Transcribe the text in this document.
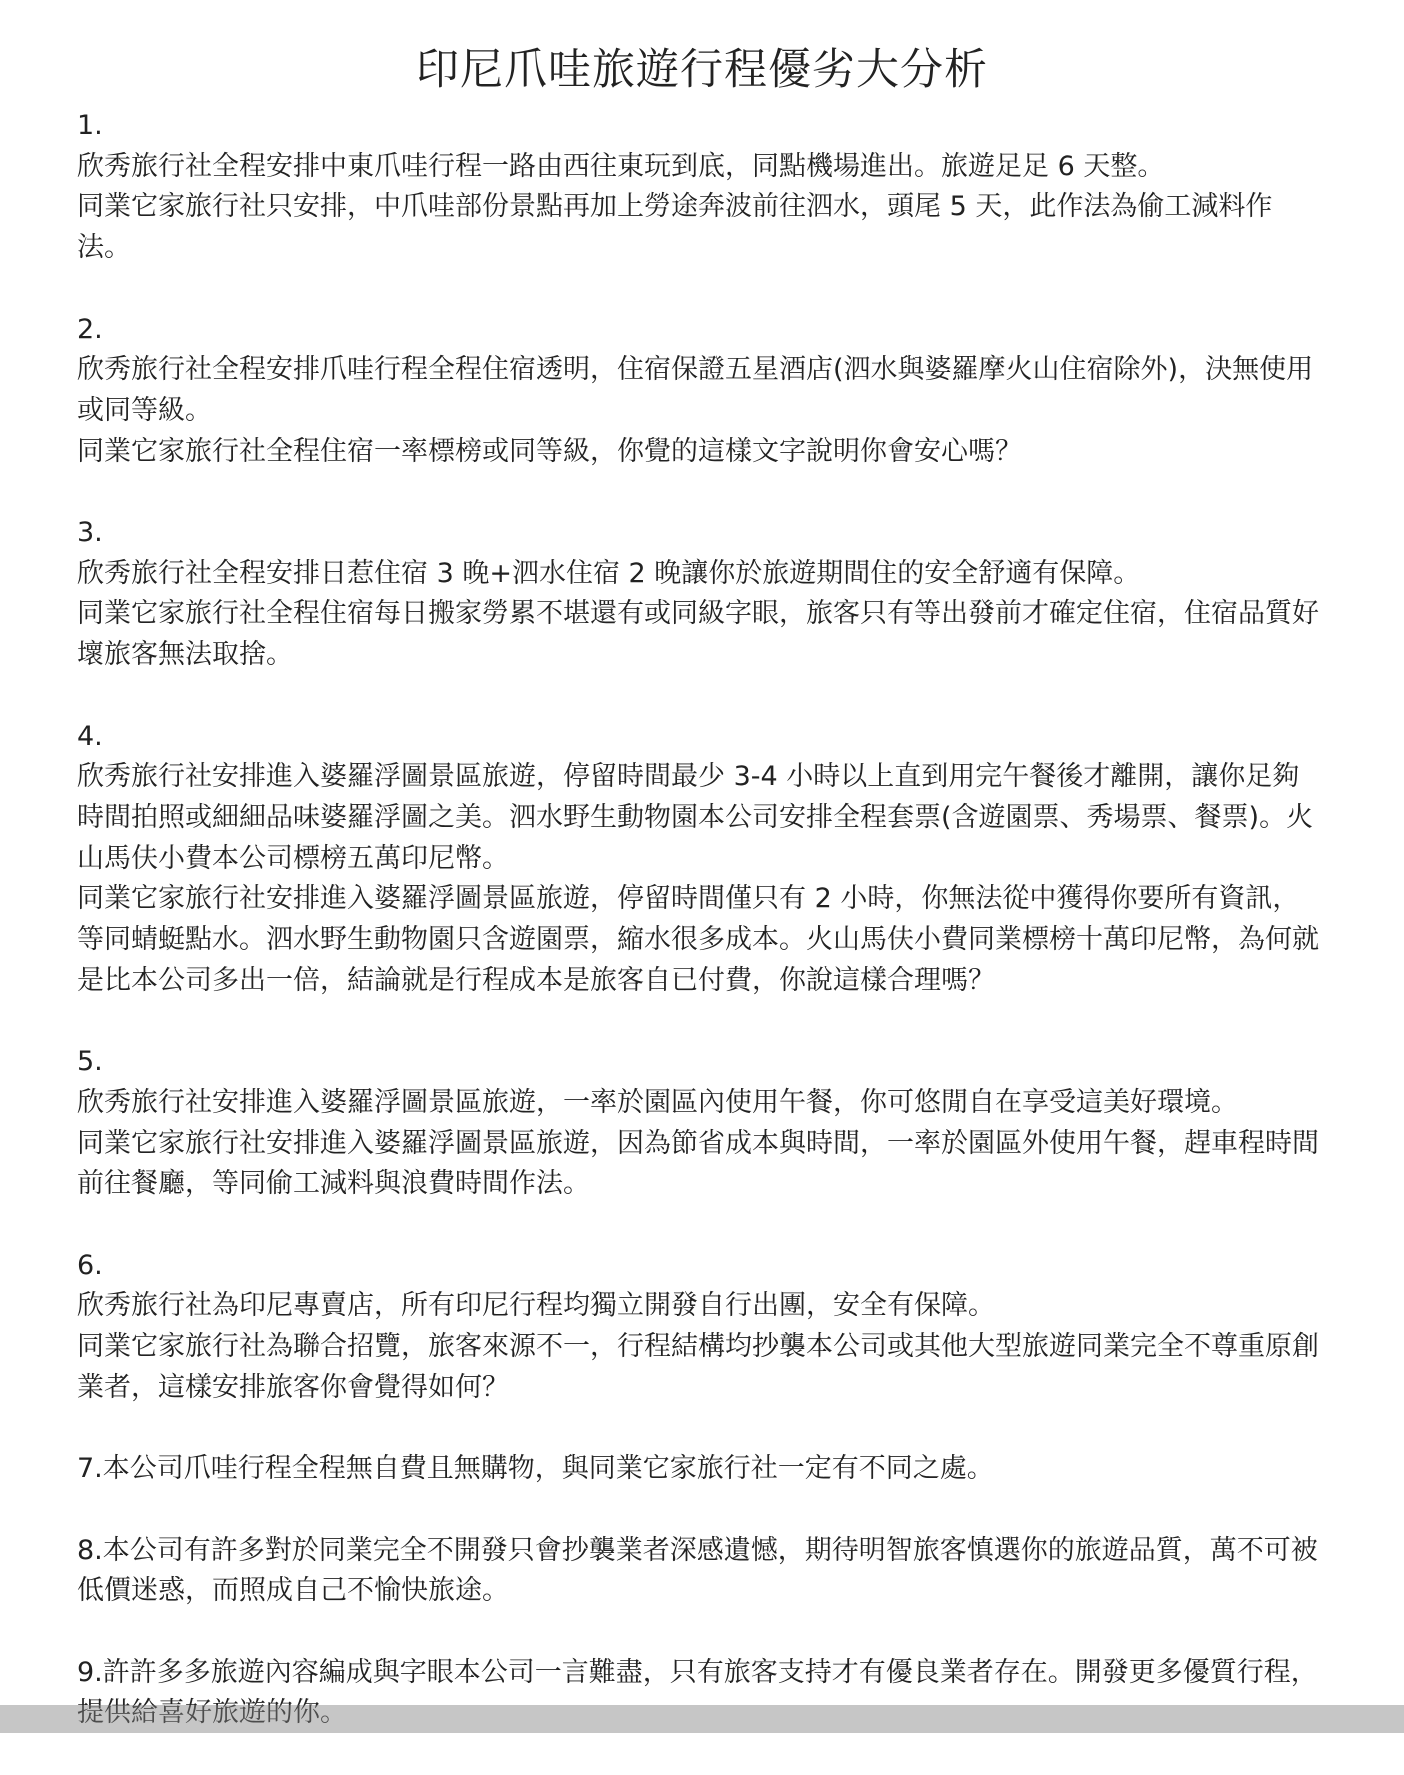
印尼爪哇旅遊行程優劣大分析

1.

欣秀旅行社全程安排中東爪哇行程一路由西往東玩到底，同點機場進出。旅遊足足 6 天整。

同業它家旅行社只安排，中爪哇部份景點再加上勞途奔波前往泗水，頭尾 5 天，此作法為偷工減料作法。

2.

欣秀旅行社全程安排爪哇行程全程住宿透明，住宿保證五星酒店(泗水與婆羅摩火山住宿除外)，決無使用或同等級。

同業它家旅行社全程住宿一率標榜或同等級，你覺的這樣文字說明你會安心嗎？

3.

欣秀旅行社全程安排日惹住宿 3 晚+泗水住宿 2 晚讓你於旅遊期間住的安全舒適有保障。

同業它家旅行社全程住宿每日搬家勞累不堪還有或同級字眼，旅客只有等出發前才確定住宿，住宿品質好壞旅客無法取捨。

4.

欣秀旅行社安排進入婆羅浮圖景區旅遊，停留時間最少 3-4 小時以上直到用完午餐後才離開，讓你足夠時間拍照或細細品味婆羅浮圖之美。泗水野生動物園本公司安排全程套票(含遊園票、秀場票、餐票)。火山馬伕小費本公司標榜五萬印尼幣。

同業它家旅行社安排進入婆羅浮圖景區旅遊，停留時間僅只有 2 小時，你無法從中獲得你要所有資訊，等同蜻蜓點水。泗水野生動物園只含遊園票，縮水很多成本。火山馬伕小費同業標榜十萬印尼幣，為何就是比本公司多出一倍，結論就是行程成本是旅客自已付費，你說這樣合理嗎？

5.

欣秀旅行社安排進入婆羅浮圖景區旅遊，一率於園區內使用午餐，你可悠閒自在享受這美好環境。

同業它家旅行社安排進入婆羅浮圖景區旅遊，因為節省成本與時間，一率於園區外使用午餐，趕車程時間前往餐廳，等同偷工減料與浪費時間作法。

6.

欣秀旅行社為印尼專賣店，所有印尼行程均獨立開發自行出團，安全有保障。

同業它家旅行社為聯合招覽，旅客來源不一，行程結構均抄襲本公司或其他大型旅遊同業完全不尊重原創業者，這樣安排旅客你會覺得如何？

7.本公司爪哇行程全程無自費且無購物，與同業它家旅行社一定有不同之處。

8.本公司有許多對於同業完全不開發只會抄襲業者深感遺憾，期待明智旅客慎選你的旅遊品質，萬不可被低價迷惑，而照成自己不愉快旅途。

9.許許多多旅遊內容編成與字眼本公司一言難盡，只有旅客支持才有優良業者存在。開發更多優質行程，提供給喜好旅遊的你。
